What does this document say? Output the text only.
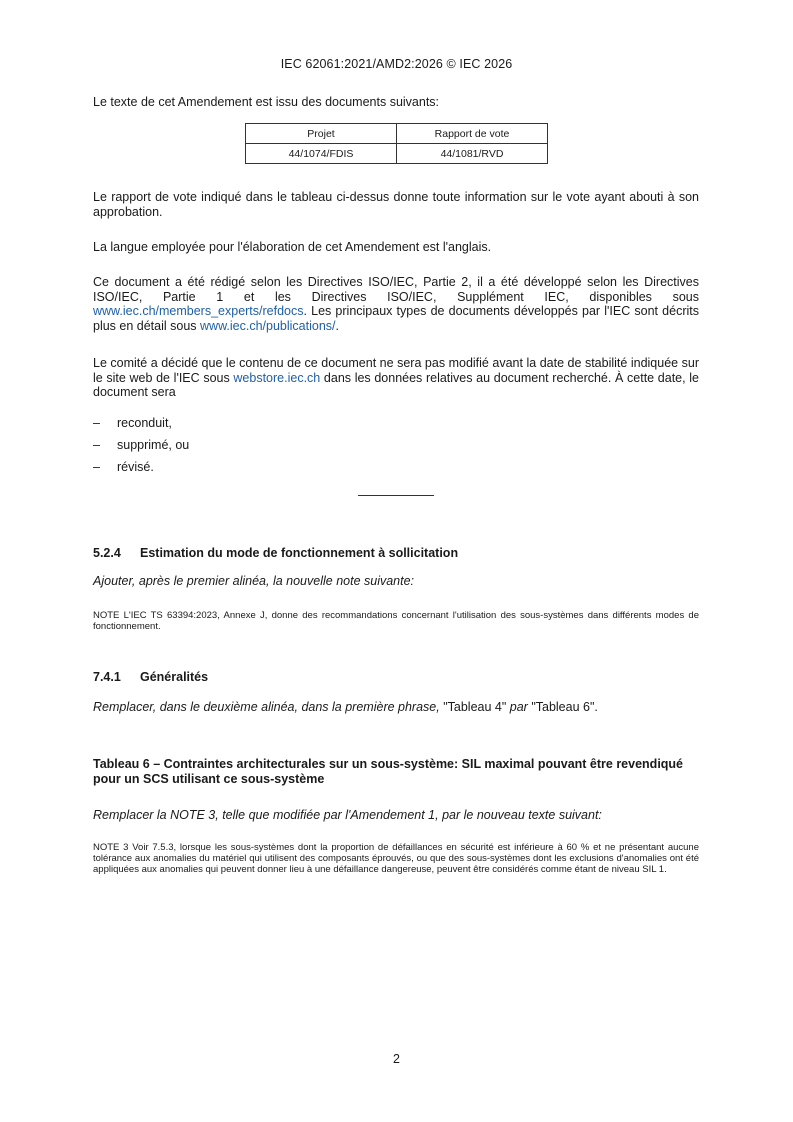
IEC 62061:2021/AMD2:2026 © IEC 2026

Le texte de cet Amendement est issu des documents suivants:

Projet	Rapport de vote
44/1074/FDIS	44/1081/RVD

Le rapport de vote indiqué dans le tableau ci-dessus donne toute information sur le vote ayant abouti à son approbation.

La langue employée pour l'élaboration de cet Amendement est l'anglais.

Ce document a été rédigé selon les Directives ISO/IEC, Partie 2, il a été développé selon les Directives ISO/IEC, Partie 1 et les Directives ISO/IEC, Supplément IEC, disponibles sous www.iec.ch/members_experts/refdocs. Les principaux types de documents développés par l'IEC sont décrits plus en détail sous www.iec.ch/publications/.

Le comité a décidé que le contenu de ce document ne sera pas modifié avant la date de stabilité indiquée sur le site web de l'IEC sous webstore.iec.ch dans les données relatives au document recherché. À cette date, le document sera

– reconduit,
– supprimé, ou
– révisé.
5.2.4 Estimation du mode de fonctionnement à sollicitation
Ajouter, après le premier alinéa, la nouvelle note suivante:
NOTE L'IEC TS 63394:2023, Annexe J, donne des recommandations concernant l'utilisation des sous-systèmes dans différents modes de fonctionnement.
7.4.1 Généralités
Remplacer, dans le deuxième alinéa, dans la première phrase, "Tableau 4" par "Tableau 6".
Tableau 6 – Contraintes architecturales sur un sous-système: SIL maximal pouvant être revendiqué pour un SCS utilisant ce sous-système
Remplacer la NOTE 3, telle que modifiée par l'Amendement 1, par le nouveau texte suivant:
NOTE 3 Voir 7.5.3, lorsque les sous-systèmes dont la proportion de défaillances en sécurité est inférieure à 60 % et ne présentant aucune tolérance aux anomalies du matériel qui utilisent des composants éprouvés, ou que des sous-systèmes dont les exclusions d'anomalies ont été appliquées aux anomalies qui peuvent donner lieu à une défaillance dangereuse, peuvent être considérés comme étant de niveau SIL 1.
2
